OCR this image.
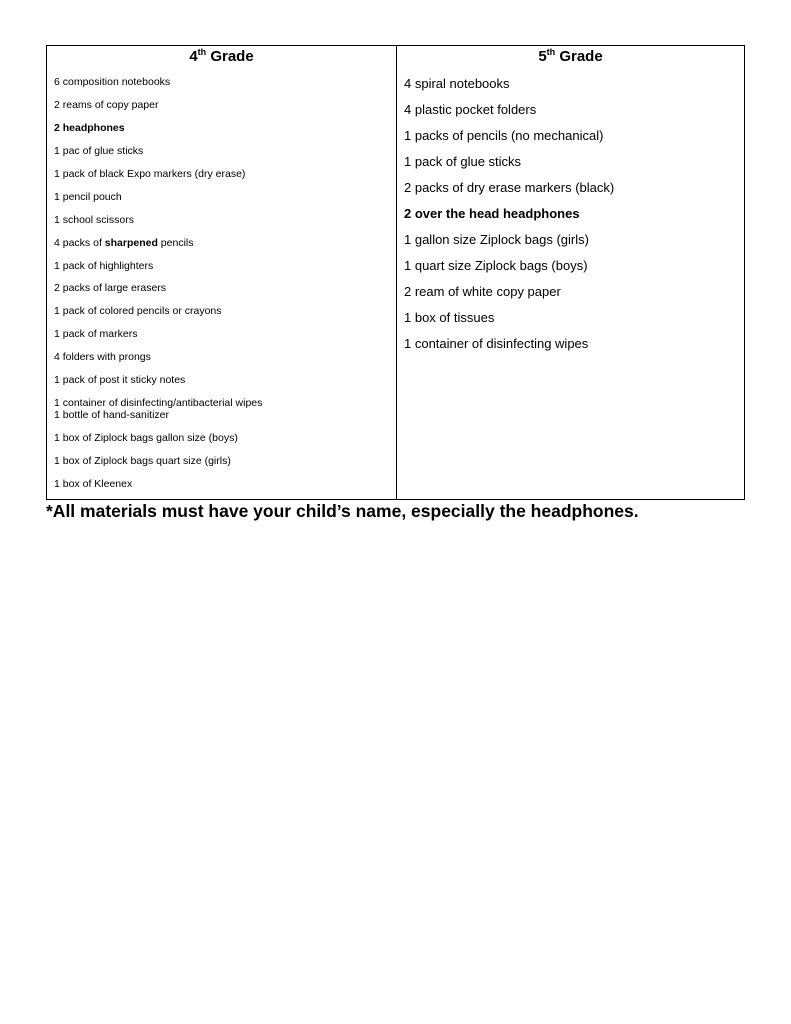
4th Grade
6 composition notebooks
2 reams of copy paper
2 headphones
1 pac of glue sticks
1 pack of black Expo markers (dry erase)
1 pencil pouch
1 school scissors
4 packs of sharpened pencils
1 pack of highlighters
2 packs of large erasers
1 pack of colored pencils or crayons
1 pack of markers
4 folders with prongs
1 pack of post it sticky notes
1 container of disinfecting/antibacterial wipes
1 bottle of hand-sanitizer
1 box of Ziplock bags gallon size (boys)
1 box of Ziplock bags quart size (girls)
1 box of Kleenex
5th Grade
4 spiral notebooks
4 plastic pocket folders
1 packs of pencils (no mechanical)
1 pack of glue sticks
2 packs of dry erase markers (black)
2 over the head headphones
1 gallon size Ziplock bags (girls)
1 quart size Ziplock bags (boys)
2 ream of white copy paper
1 box of tissues
1 container of disinfecting wipes
*All materials must have your child’s name, especially the headphones.
